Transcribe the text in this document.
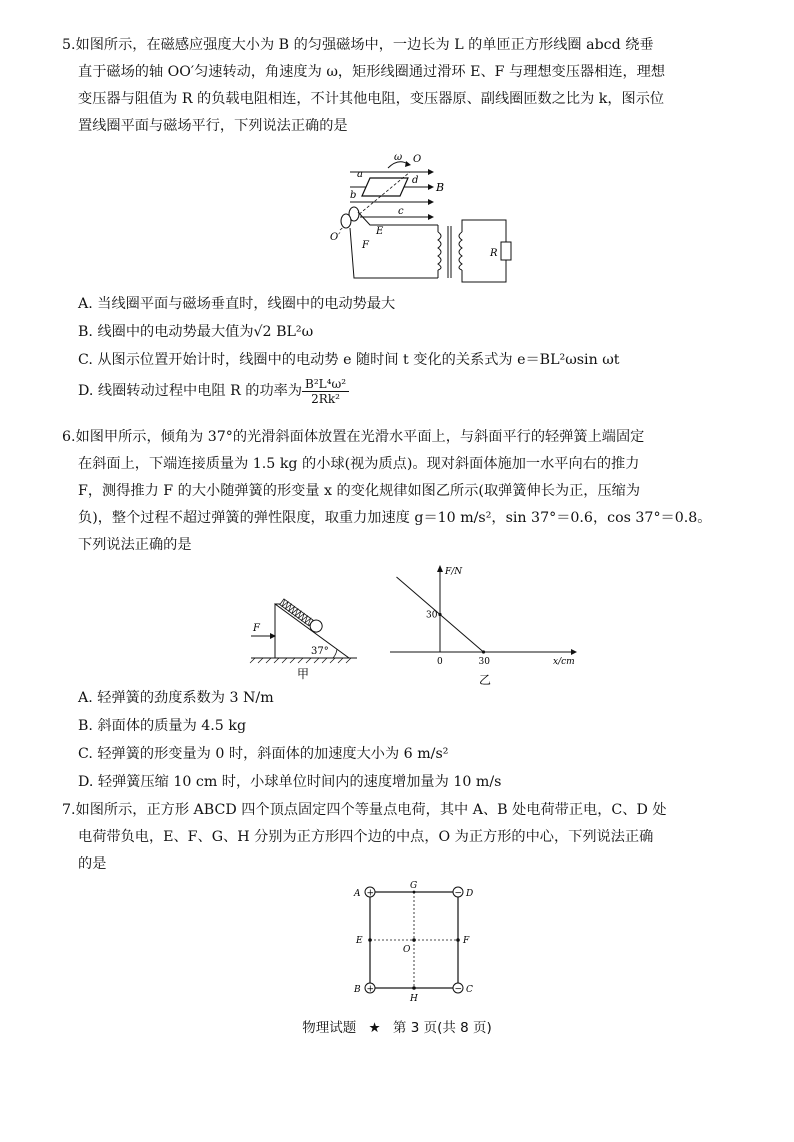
5.如图所示，在磁感应强度大小为 B 的匀强磁场中，一边长为 L 的单匝正方形线圈 abcd 绕垂
直于磁场的轴 OO′匀速转动，角速度为 ω，矩形线圈通过滑环 E、F 与理想变压器相连，理想
变压器与阻值为 R 的负载电阻相连，不计其他电阻，变压器原、副线圈匝数之比为 k，图示位
置线圈平面与磁场平行，下列说法正确的是
B
ω O
a
b
c
d
O′
E
F
R
A. 当线圈平面与磁场垂直时，线圈中的电动势最大
B. 线圈中的电动势最大值为√2 BL²ω
C. 从图示位置开始计时，线圈中的电动势 e 随时间 t 变化的关系式为 e＝BL²ωsin ωt
D. 线圈转动过程中电阻 R 的功率为 $\frac{\text{B²L⁴ω²}}{\text{2Rk²}}$
6.如图甲所示，倾角为 37°的光滑斜面体放置在光滑水平面上，与斜面平行的轻弹簧上端固定
在斜面上，下端连接质量为 1.5 kg 的小球(视为质点)。现对斜面体施加一水平向右的推力
F，测得推力 F 的大小随弹簧的形变量 x 的变化规律如图乙所示(取弹簧伸长为正，压缩为
负)，整个过程不超过弹簧的弹性限度，取重力加速度 g＝10 m/s²，sin 37°＝0.6，cos 37°＝0.8。
下列说法正确的是
F
37°
甲
F/N
x/cm
30
0	30
乙
A. 轻弹簧的劲度系数为 3 N/m
B. 斜面体的质量为 4.5 kg
C. 轻弹簧的形变量为 0 时，斜面体的加速度大小为 6 m/s²
D. 轻弹簧压缩 10 cm 时，小球单位时间内的速度增加量为 10 m/s
7.如图所示，正方形 ABCD 四个顶点固定四个等量点电荷，其中 A、B 处电荷带正电，C、D 处
电荷带负电，E、F、G、H 分别为正方形四个边的中点，O 为正方形的中心，下列说法正确
的是
+
+	−
−
A
B	C
D
E	F
G
H
O
物理试题 ★ 第 3 页(共 8 页)
